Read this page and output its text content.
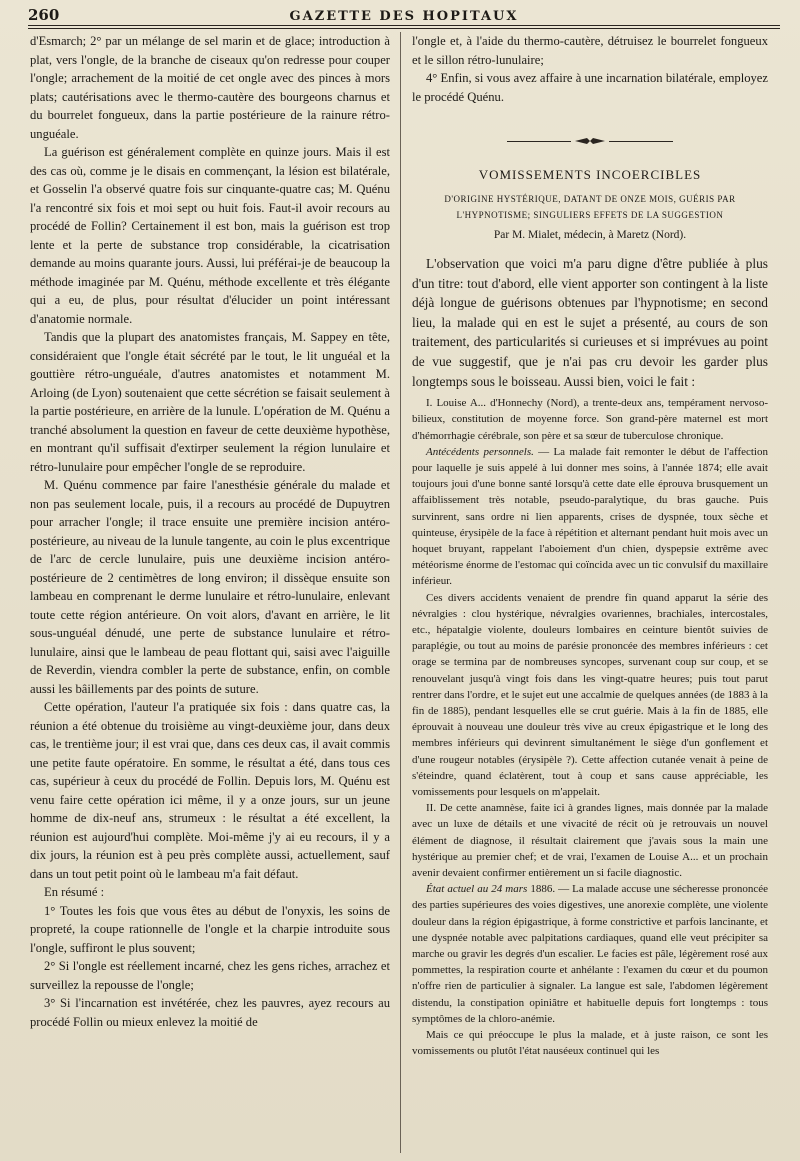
260	GAZETTE DES HOPITAUX

d'Esmarch; 2° par un mélange de sel marin et de glace; introduction à plat, vers l'ongle, de la branche de ciseaux qu'on redresse pour couper l'ongle; arrachement de la moitié de cet ongle avec des pinces à mors plats; cautérisations avec le thermo-cautère des bourgeons charnus et du bourrelet fongueux, dans la partie postérieure de la rainure rétro-unguéale.

La guérison est généralement complète en quinze jours. Mais il est des cas où, comme je le disais en commençant, la lésion est bilatérale, et Gosselin l'a observé quatre fois sur cinquante-quatre cas; M. Quénu l'a rencontré six fois et moi sept ou huit fois. Faut-il avoir recours au procédé de Follin? Certainement il est bon, mais la guérison est trop lente et la perte de substance trop considérable, la cicatrisation demande au moins quarante jours. Aussi, lui préférai-je de beaucoup la méthode imaginée par M. Quénu, méthode excellente et très élégante qui a eu, de plus, pour résultat d'élucider un point intéressant d'anatomie normale.

Tandis que la plupart des anatomistes français, M. Sappey en tête, considéraient que l'ongle était sécrété par le tout, le lit unguéal et la gouttière rétro-unguéale, d'autres anatomistes et notamment M. Arloing (de Lyon) soutenaient que cette sécrétion se faisait seulement à la partie postérieure, en arrière de la lunule. L'opération de M. Quénu a tranché absolument la question en faveur de cette deuxième hypothèse, en montrant qu'il suffisait d'extirper seulement la région lunulaire et rétro-lunulaire pour empêcher l'ongle de se reproduire.

M. Quénu commence par faire l'anesthésie générale du malade et non pas seulement locale, puis, il a recours au procédé de Dupuytren pour arracher l'ongle; il trace ensuite une première incision antéro-postérieure, au niveau de la lunule tangente, au coin le plus excentrique de l'arc de cercle lunulaire, puis une deuxième incision antéro-postérieure de 2 centimètres de long environ; il dissèque ensuite son lambeau en comprenant le derme lunulaire et rétro-lunulaire, enlevant toute cette région antérieure. On voit alors, d'avant en arrière, le lit sous-unguéal dénudé, une perte de substance lunulaire et rétro-lunulaire, ainsi que le lambeau de peau flottant qui, saisi avec l'aiguille de Reverdin, viendra combler la perte de substance, enfin, on comble aussi les bâillements par des points de suture.

Cette opération, l'auteur l'a pratiquée six fois : dans quatre cas, la réunion a été obtenue du troisième au vingt-deuxième jour, dans deux cas, le trentième jour; il est vrai que, dans ces deux cas, il avait commis une petite faute opératoire. En somme, le résultat a été, dans tous ces cas, supérieur à ceux du procédé de Follin. Depuis lors, M. Quénu est venu faire cette opération ici même, il y a onze jours, sur un jeune homme de dix-neuf ans, strumeux : le résultat a été excellent, la réunion est aujourd'hui complète. Moi-même j'y ai eu recours, il y a dix jours, la réunion est à peu près complète aussi, actuellement, sauf dans un tout petit point où le lambeau m'a fait défaut.

En résumé :

1° Toutes les fois que vous êtes au début de l'onyxis, les soins de propreté, la coupe rationnelle de l'ongle et la charpie introduite sous l'ongle, suffiront le plus souvent;

2° Si l'ongle est réellement incarné, chez les gens riches, arrachez et surveillez la repousse de l'ongle;

3° Si l'incarnation est invétérée, chez les pauvres, ayez recours au procédé Follin ou mieux enlevez la moitié de

l'ongle et, à l'aide du thermo-cautère, détruisez le bourrelet fongueux et le sillon rétro-lunulaire;

4° Enfin, si vous avez affaire à une incarnation bilatérale, employez le procédé Quénu.

VOMISSEMENTS INCOERCIBLES
D'ORIGINE HYSTÉRIQUE, DATANT DE ONZE MOIS, GUÉRIS PAR L'HYPNOTISME; SINGULIERS EFFETS DE LA SUGGESTION
Par M. Mialet, médecin, à Maretz (Nord).

L'observation que voici m'a paru digne d'être publiée à plus d'un titre: tout d'abord, elle vient apporter son contingent à la liste déjà longue de guérisons obtenues par l'hypnotisme; en second lieu, la malade qui en est le sujet a présenté, au cours de son traitement, des particularités si curieuses et si imprévues au point de vue suggestif, que je n'ai pas cru devoir les garder plus longtemps sous le boisseau. Aussi bien, voici le fait :

I. Louise A... d'Honnechy (Nord), a trente-deux ans, tempérament nervoso-bilieux, constitution de moyenne force. Son grand-père maternel est mort d'hémorrhagie cérébrale, son père et sa sœur de tuberculose chronique.

Antécédents personnels. — La malade fait remonter le début de l'affection pour laquelle je suis appelé à lui donner mes soins, à l'année 1874; elle avait toujours joui d'une bonne santé lorsqu'à cette date elle éprouva brusquement un affaiblissement très notable, pseudo-paralytique, du bras gauche. Puis survinrent, sans ordre ni lien apparents, crises de dyspnée, toux sèche et quinteuse, érysipèle de la face à répétition et alternant pendant huit mois avec un hoquet bruyant, rappelant l'aboiement d'un chien, dyspepsie extrême avec météorisme énorme de l'estomac qui coïncida avec un tic convulsif du maxillaire inférieur.

Ces divers accidents venaient de prendre fin quand apparut la série des névralgies : clou hystérique, névralgies ovariennes, brachiales, intercostales, etc., hépatalgie violente, douleurs lombaires en ceinture bientôt suivies de paraplégie, ou tout au moins de parésie prononcée des membres inférieurs : cet orage se termina par de nombreuses syncopes, survenant coup sur coup, et se renouvelant jusqu'à vingt fois dans les vingt-quatre heures; puis tout parut rentrer dans l'ordre, et le sujet eut une accalmie de quelques années (de 1883 à la fin de 1885), pendant lesquelles elle se crut guérie. Mais à la fin de 1885, elle éprouvait à nouveau une douleur très vive au creux épigastrique et le long des membres inférieurs qui devinrent simultanément le siège d'un gonflement et d'une rougeur notables (érysipèle ?). Cette affection cutanée venait à peine de s'éteindre, quand éclatèrent, tout à coup et sans cause appréciable, les vomissements pour lesquels on m'appelait.

II. De cette anamnèse, faite ici à grandes lignes, mais donnée par la malade avec un luxe de détails et une vivacité de récit où je retrouvais un nouvel élément de diagnose, il résultait clairement que j'avais sous la main une hystérique au premier chef; et de vrai, l'examen de Louise A... et un prochain avenir devaient confirmer entièrement un si facile diagnostic.

État actuel au 24 mars 1886. — La malade accuse une sécheresse prononcée des parties supérieures des voies digestives, une anorexie complète, une violente douleur dans la région épigastrique, à forme constrictive et parfois lancinante, et une dyspnée notable avec palpitations cardiaques, quand elle veut précipiter sa marche ou gravir les degrés d'un escalier. Le facies est pâle, légèrement rosé aux pommettes, la respiration courte et anhélante : l'examen du cœur et du poumon n'offre rien de particulier à signaler. La langue est sale, l'abdomen légèrement distendu, la constipation opiniâtre et habituelle depuis fort longtemps : tous symptômes de la chloro-anémie.

Mais ce qui préoccupe le plus la malade, et à juste raison, ce sont les vomissements ou plutôt l'état nauséeux continuel qui les
